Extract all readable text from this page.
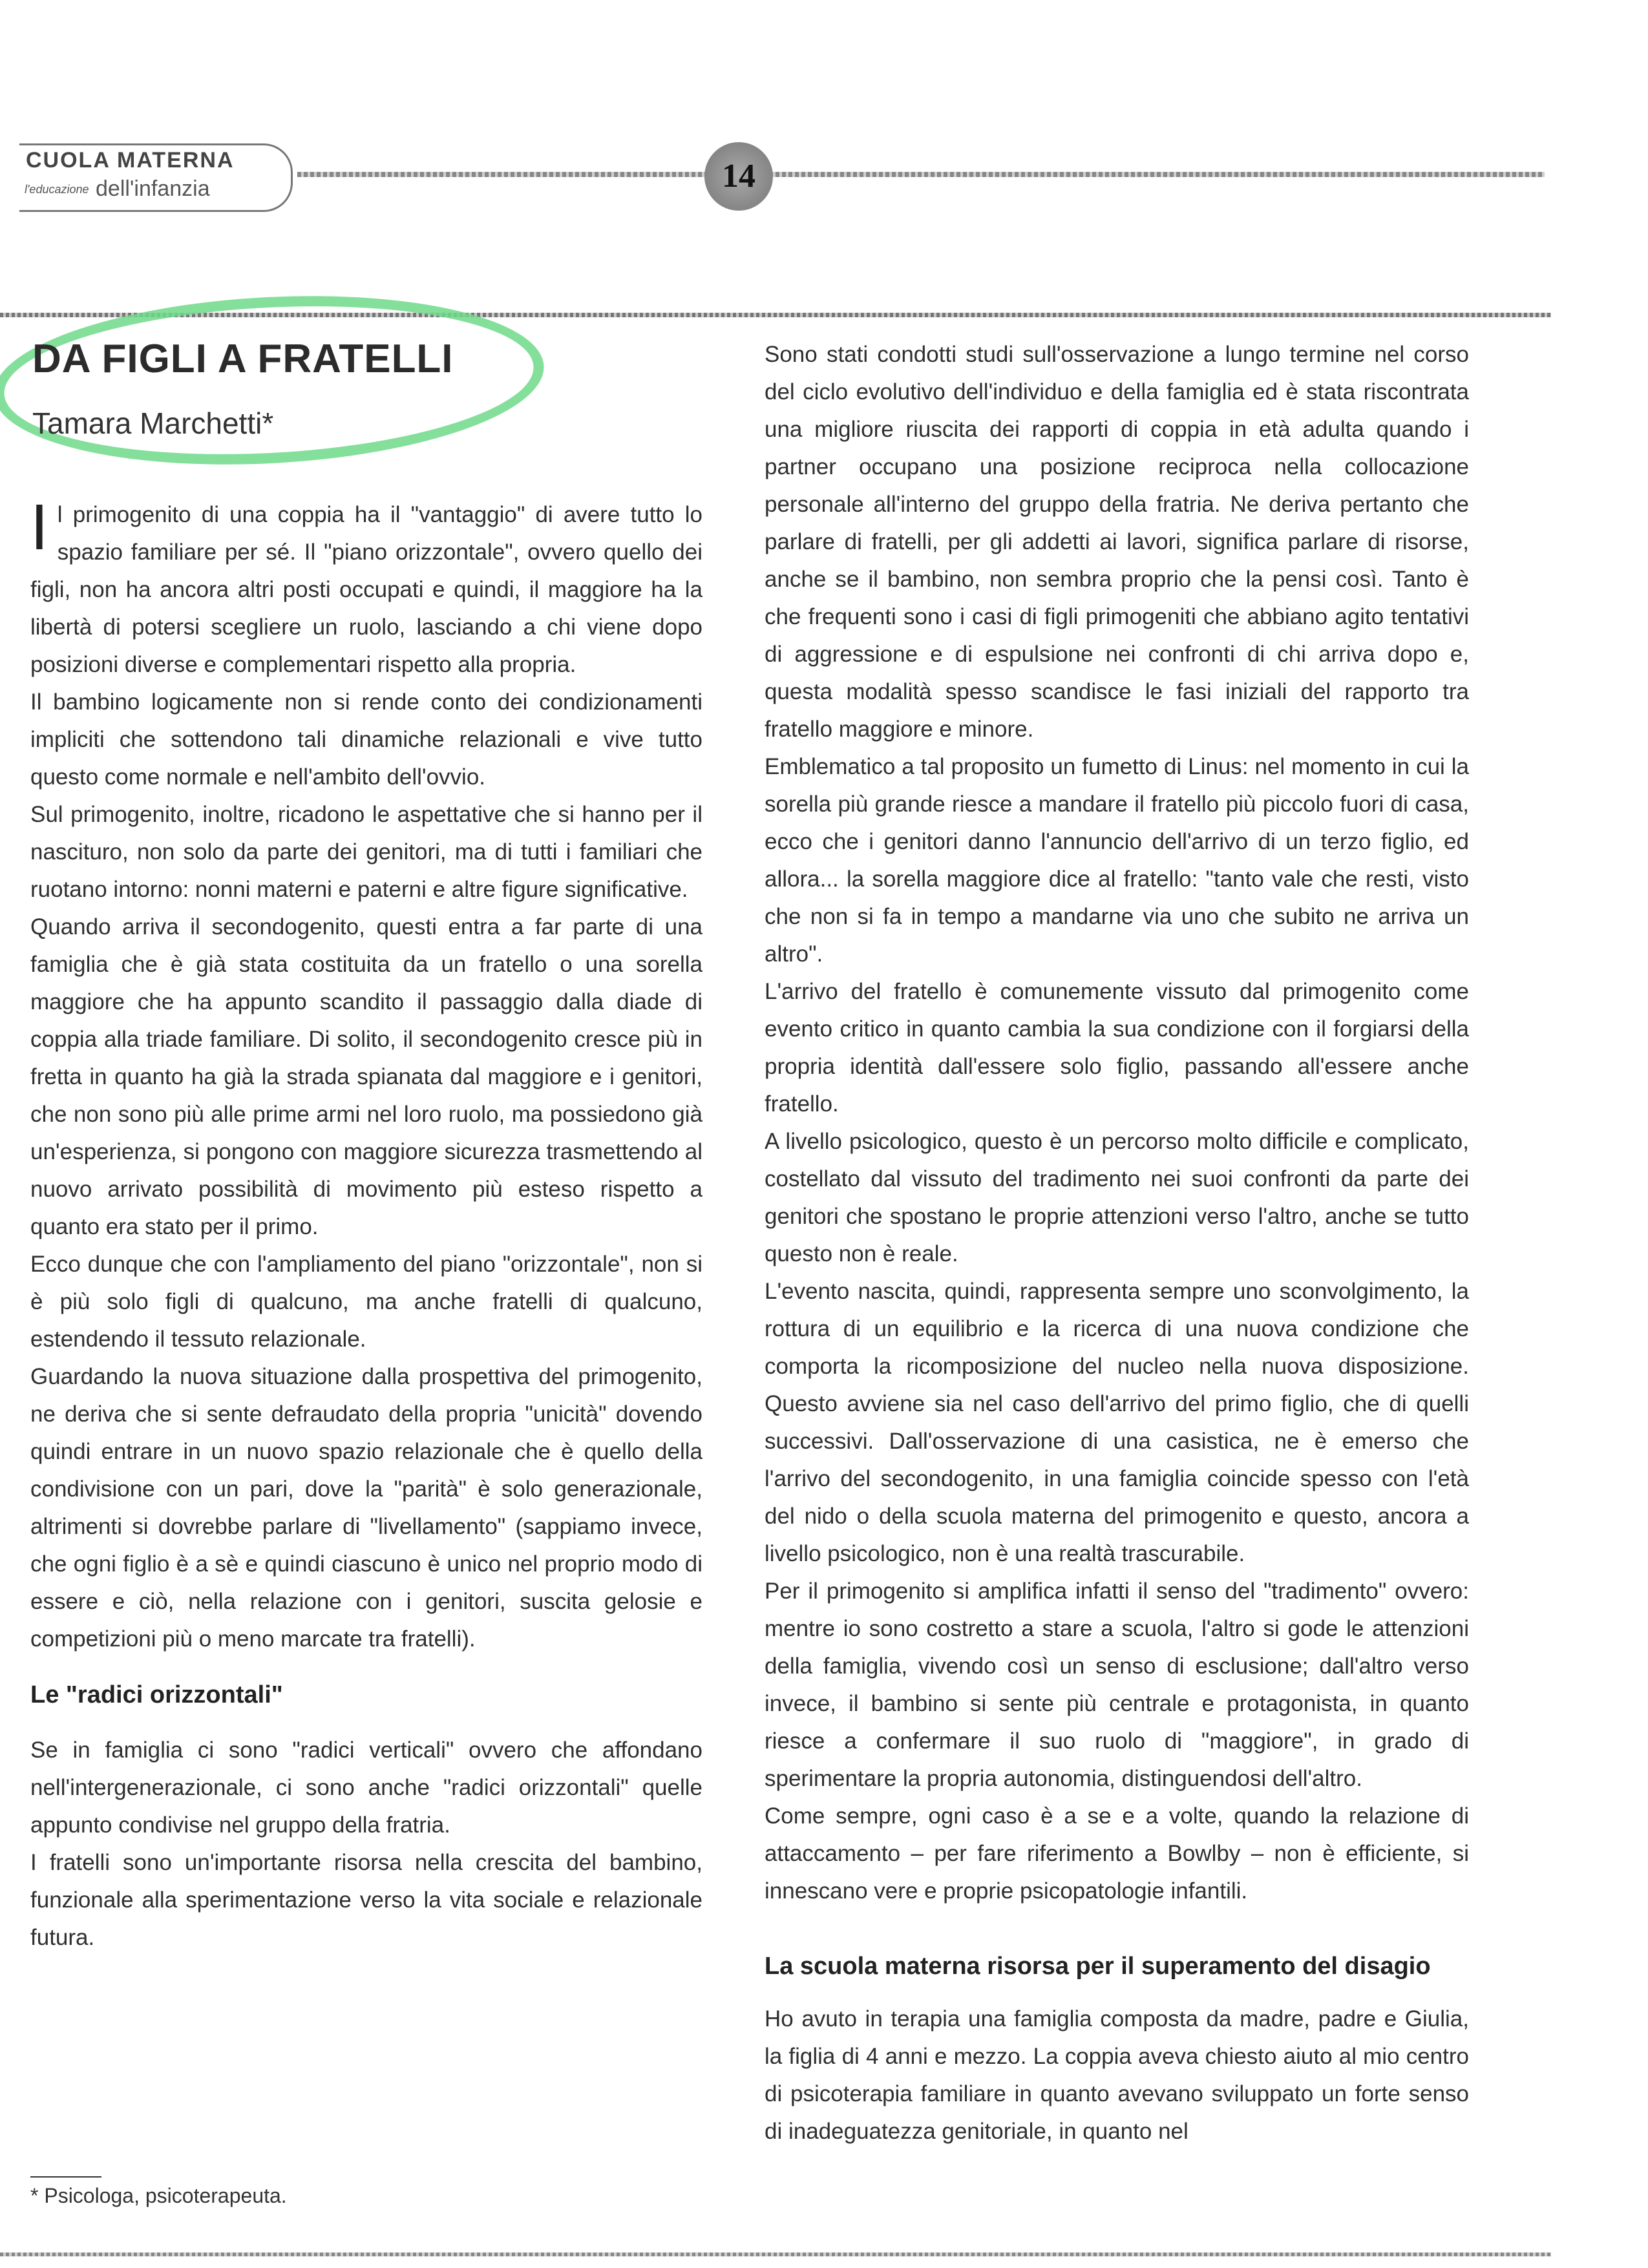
CUOLA MATERNA
l'educazione dell'infanzia	14
DA FIGLI A FRATELLI
Tamara Marchetti*

Il primogenito di una coppia ha il "vantaggio" di avere tutto lo spazio familiare per sé. Il "piano orizzontale", ovvero quello dei figli, non ha ancora altri posti occupati e quindi, il maggiore ha la libertà di potersi scegliere un ruolo, lasciando a chi viene dopo posizioni diverse e complementari rispetto alla propria.

Il bambino logicamente non si rende conto dei condizionamenti impliciti che sottendono tali dinamiche relazionali e vive tutto questo come normale e nell'ambito dell'ovvio.

Sul primogenito, inoltre, ricadono le aspettative che si hanno per il nascituro, non solo da parte dei genitori, ma di tutti i familiari che ruotano intorno: nonni materni e paterni e altre figure significative.

Quando arriva il secondogenito, questi entra a far parte di una famiglia che è già stata costituita da un fratello o una sorella maggiore che ha appunto scandito il passaggio dalla diade di coppia alla triade familiare. Di solito, il secondogenito cresce più in fretta in quanto ha già la strada spianata dal maggiore e i genitori, che non sono più alle prime armi nel loro ruolo, ma possiedono già un'esperienza, si pongono con maggiore sicurezza trasmettendo al nuovo arrivato possibilità di movimento più esteso rispetto a quanto era stato per il primo.

Ecco dunque che con l'ampliamento del piano "orizzontale", non si è più solo figli di qualcuno, ma anche fratelli di qualcuno, estendendo il tessuto relazionale.

Guardando la nuova situazione dalla prospettiva del primogenito, ne deriva che si sente defraudato della propria "unicità" dovendo quindi entrare in un nuovo spazio relazionale che è quello della condivisione con un pari, dove la "parità" è solo generazionale, altrimenti si dovrebbe parlare di "livellamento" (sappiamo invece, che ogni figlio è a sè e quindi ciascuno è unico nel proprio modo di essere e ciò, nella relazione con i genitori, suscita gelosie e competizioni più o meno marcate tra fratelli).

Le "radici orizzontali"

Se in famiglia ci sono "radici verticali" ovvero che affondano nell'intergenerazionale, ci sono anche "radici orizzontali" quelle appunto condivise nel gruppo della fratria.

I fratelli sono un'importante risorsa nella crescita del bambino, funzionale alla sperimentazione verso la vita sociale e relazionale futura.

Sono stati condotti studi sull'osservazione a lungo termine nel corso del ciclo evolutivo dell'individuo e della famiglia ed è stata riscontrata una migliore riuscita dei rapporti di coppia in età adulta quando i partner occupano una posizione reciproca nella collocazione personale all'interno del gruppo della fratria. Ne deriva pertanto che parlare di fratelli, per gli addetti ai lavori, significa parlare di risorse, anche se il bambino, non sembra proprio che la pensi così. Tanto è che frequenti sono i casi di figli primogeniti che abbiano agito tentativi di aggressione e di espulsione nei confronti di chi arriva dopo e, questa modalità spesso scandisce le fasi iniziali del rapporto tra fratello maggiore e minore.

Emblematico a tal proposito un fumetto di Linus: nel momento in cui la sorella più grande riesce a mandare il fratello più piccolo fuori di casa, ecco che i genitori danno l'annuncio dell'arrivo di un terzo figlio, ed allora... la sorella maggiore dice al fratello: "tanto vale che resti, visto che non si fa in tempo a mandarne via uno che subito ne arriva un altro".

L'arrivo del fratello è comunemente vissuto dal primogenito come evento critico in quanto cambia la sua condizione con il forgiarsi della propria identità dall'essere solo figlio, passando all'essere anche fratello.

A livello psicologico, questo è un percorso molto difficile e complicato, costellato dal vissuto del tradimento nei suoi confronti da parte dei genitori che spostano le proprie attenzioni verso l'altro, anche se tutto questo non è reale.

L'evento nascita, quindi, rappresenta sempre uno sconvolgimento, la rottura di un equilibrio e la ricerca di una nuova condizione che comporta la ricomposizione del nucleo nella nuova disposizione. Questo avviene sia nel caso dell'arrivo del primo figlio, che di quelli successivi. Dall'osservazione di una casistica, ne è emerso che l'arrivo del secondogenito, in una famiglia coincide spesso con l'età del nido o della scuola materna del primogenito e questo, ancora a livello psicologico, non è una realtà trascurabile.

Per il primogenito si amplifica infatti il senso del "tradimento" ovvero: mentre io sono costretto a stare a scuola, l'altro si gode le attenzioni della famiglia, vivendo così un senso di esclusione; dall'altro verso invece, il bambino si sente più centrale e protagonista, in quanto riesce a confermare il suo ruolo di "maggiore", in grado di sperimentare la propria autonomia, distinguendosi dell'altro.

Come sempre, ogni caso è a se e a volte, quando la relazione di attaccamento – per fare riferimento a Bowlby – non è efficiente, si innescano vere e proprie psicopatologie infantili.

La scuola materna risorsa per il superamento del disagio

Ho avuto in terapia una famiglia composta da madre, padre e Giulia, la figlia di 4 anni e mezzo. La coppia aveva chiesto aiuto al mio centro di psicoterapia familiare in quanto avevano sviluppato un forte senso di inadeguatezza genitoriale, in quanto nel

* Psicologa, psicoterapeuta.
